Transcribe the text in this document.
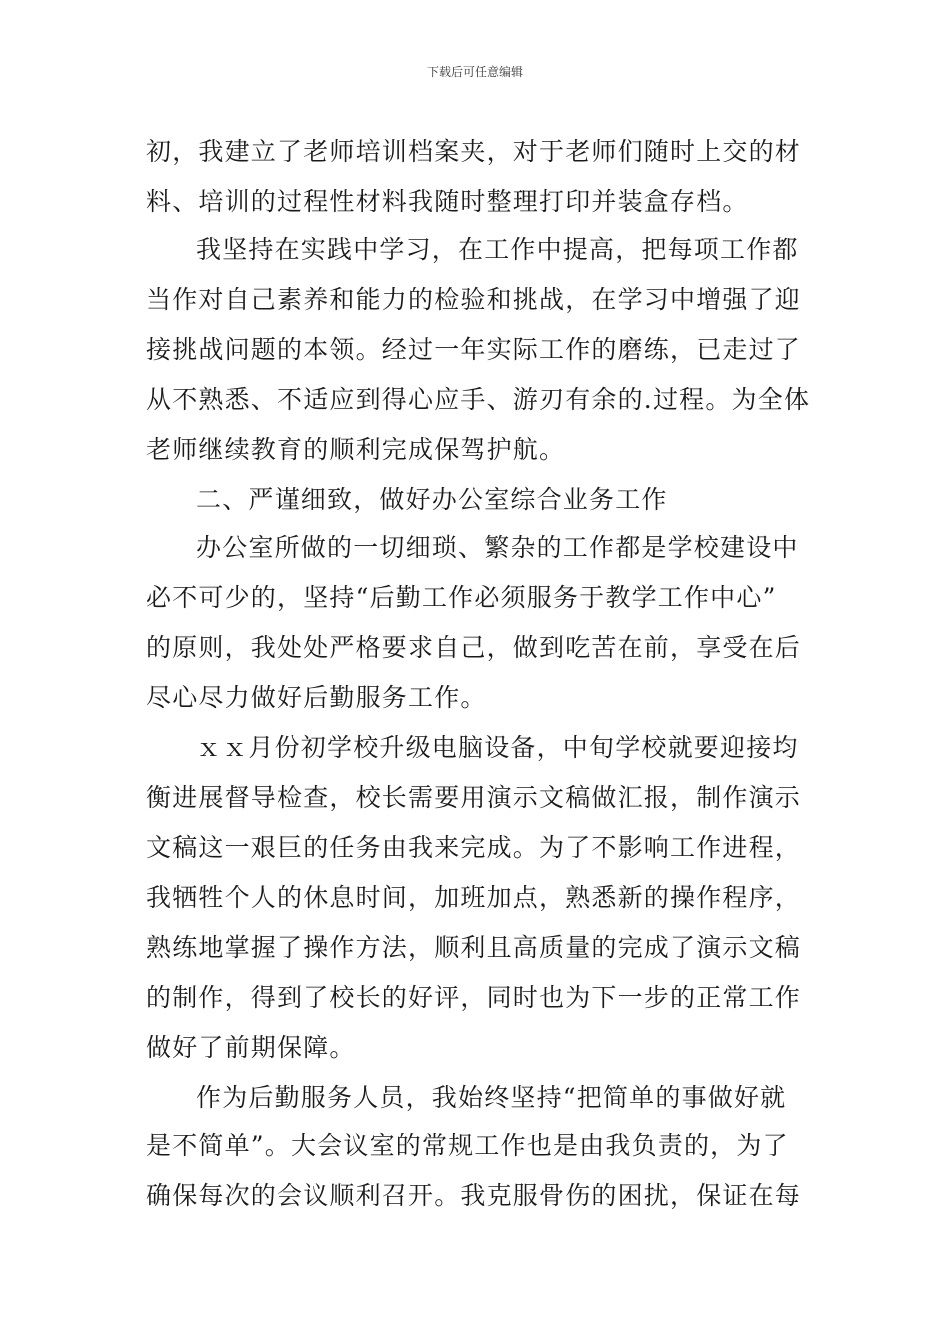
下载后可任意编辑
初，我建立了老师培训档案夹，对于老师们随时上交的材
料、培训的过程性材料我随时整理打印并装盒存档。
我坚持在实践中学习，在工作中提高，把每项工作都
当作对自己素养和能力的检验和挑战，在学习中增强了迎
接挑战问题的本领。经过一年实际工作的磨练，已走过了
从不熟悉、不适应到得心应手、游刃有余的.过程。为全体
老师继续教育的顺利完成保驾护航。
二、严谨细致，做好办公室综合业务工作
办公室所做的一切细琐、繁杂的工作都是学校建设中
必不可少的，坚持“后勤工作必须服务于教学工作中心”
的原则，我处处严格要求自己，做到吃苦在前，享受在后
尽心尽力做好后勤服务工作。
ｘｘ月份初学校升级电脑设备，中旬学校就要迎接均
衡进展督导检查，校长需要用演示文稿做汇报，制作演示
文稿这一艰巨的任务由我来完成。为了不影响工作进程，
我牺牲个人的休息时间，加班加点，熟悉新的操作程序，
熟练地掌握了操作方法，顺利且高质量的完成了演示文稿
的制作，得到了校长的好评，同时也为下一步的正常工作
做好了前期保障。
作为后勤服务人员，我始终坚持“把简单的事做好就
是不简单”。大会议室的常规工作也是由我负责的，为了
确保每次的会议顺利召开。我克服骨伤的困扰，保证在每
